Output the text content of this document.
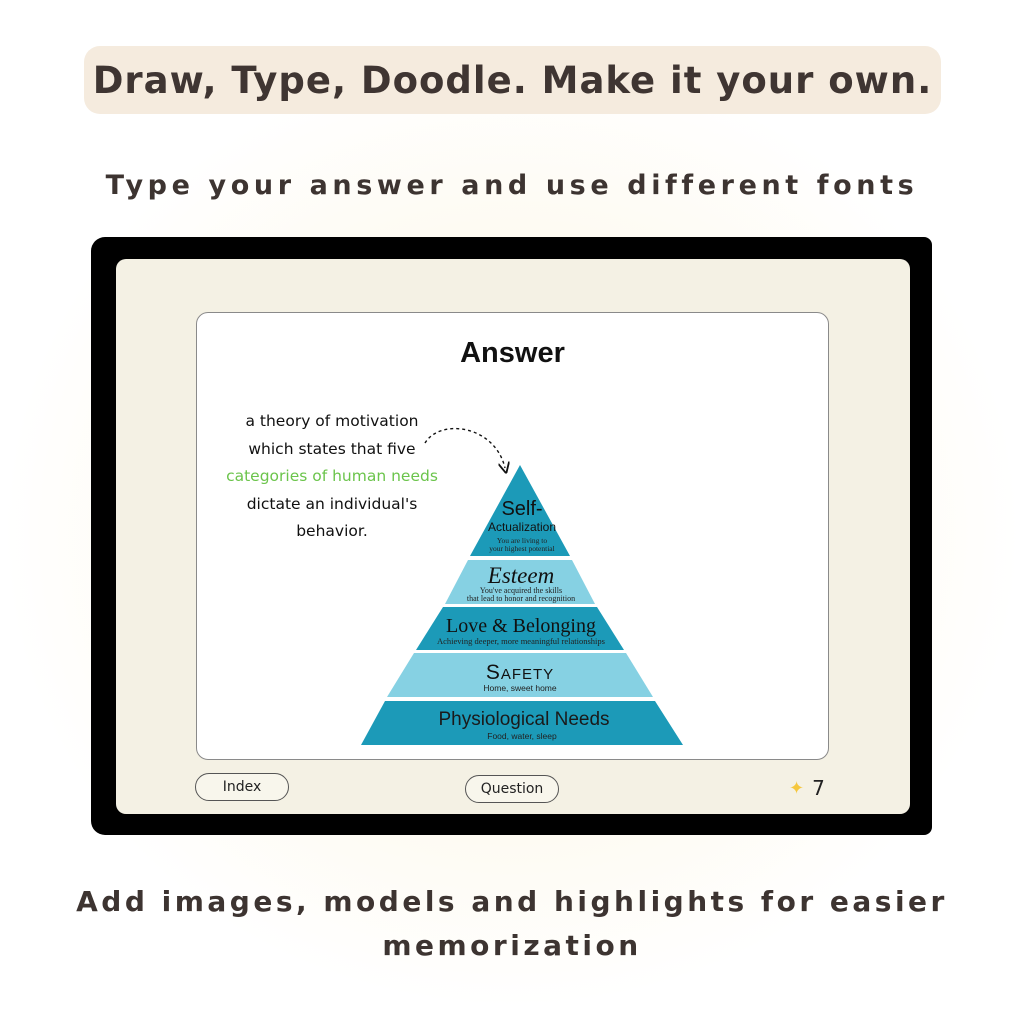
Draw, Type, Doodle. Make it your own.
Type your answer and use different fonts
Answer
a theory of motivation
which states that five
categories of human needs
dictate an individual's
behavior.
Self-
Actualization
You are living to
your highest potential
Esteem
You've acquired the skills
that lead to honor and recognition
Love & Belonging
Achieving deeper, more meaningful relationships
Safety
Home, sweet home
Physiological Needs
Food, water, sleep
Index	Question	✦ 7
Add images, models and highlights for easier
memorization
